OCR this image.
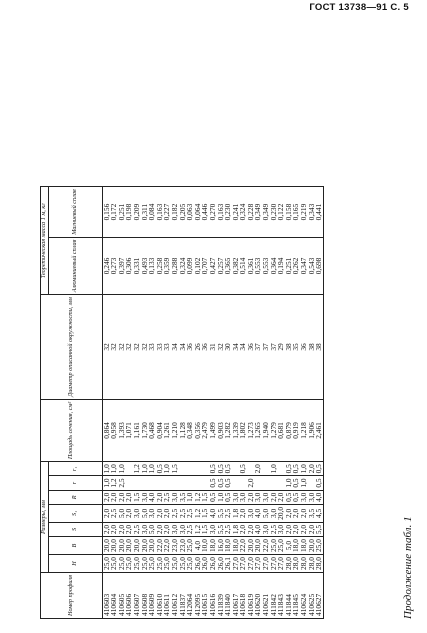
ГОСТ 13738—91 С. 5
Продолжение табл. 1
Номер профиля	Размеры, мм							Площадь сечения, см²	Диаметр описанной окружности, мм	Теоретическая масса 1 м, кг	
	H	B	S	S₁	R	r	r₁			Алюминиевый сплав	Магниевый сплав
410603	25,0	20,0	2,0	2,0	2,0	1,0	1,0	0,864	32	0,246	0,156
410604	25,0	20,0	2,0	2,5	2,0	1,2	1,0	0,958	32	0,273	0,172
410605	25,0	20,0	2,0	5,0	2,0	2,5	1,0	1,393	32	0,397	0,251
410606	25,0	20,0	2,0	2,0	2,0			1,071	32	0,306	0,198
410607	25,0	20,0	2,5	3,0	1,5		1,2	1,161	32	0,331	0,209
410608	25,0	20,0	3,0	5,0	3,0		1,0	1,730	32	0,493	0,311
410609	25,0	20,0	5,0	3,0	4,0		1,0	0,468	33	0,133	0,084
410610	25,0	22,0	2,0	2,0	2,0		0,5	0,904	33	0,258	0,163
410611	25,0	22,0	2,0	2,0	2,5		1,0	1,261	33	0,359	0,227
410612	25,0	23,0	3,0	2,5	3,0		1,5	1,210	34	0,288	0,182
411837	25,0	23,0	3,0	2,5	3,5			1,128	34	0,324	0,205
412064	25,0	25,0	2,5	2,5	1,0			0,348	36	0,099	0,063
412095	26,0	4,0	1,2	1,2	1,2			0,356	26	0,102	0,064
410615	26,0	10,0	1,5	1,5	1,5			2,479	36	0,707	0,446
410616	26,0	18,0	3,0	4,0	0,5	0,5	0,5	1,499	31	0,427	0,270
411839	26,0	16,0	5,5	5,5	1,0	0,5	0,5	0,903	32	0,257	0,163
411840	26,1	18,0	2,5	2,5	0,5	0,5	0,5	1,282	30	0,365	0,230
410617	27,0	18,0	1,8	1,8	3,0			1,339	34	0,382	0,241
410618	27,0	22,0	2,0	2,0	3,0		0,5	1,802	34	0,514	0,324
410619	27,0	20,0	2,0	3,0	2,0	2,0		1,273	36	0,361	0,228
410620	27,0	20,0	4,0	4,0	3,0		2,0	1,265	37	0,553	0,349
410621	27,0	22,0	3,0	5,0	3,0			1,940	37	0,553	0,349
411842	27,0	25,0	2,5	3,0	2,0		1,0	1,279	37	0,364	0,230
411843	27,0	25,0	3,0	20,0	2,0			0,681	29	0,194	0,122
411844	28,0	5,0	2,0	2,0	0,5	1,0	0,5	0,879	38	0,251	0,158
411845	28,0	18,0	2,0	2,0	0,5	0,5	0,5	0,919	35	0,262	0,165
410624	28,0	18,0	2,0	2,0	3,0	1,0	1,0	1,218	36	0,347	0,219
410625	28,0	20,0	2,0	3,5	3,0		2,0	1,906	38	0,543	0,343
410627	28,0	25,0	5,5	4,5	4,0	0,5	0,5	2,461	38	0,698	0,441
